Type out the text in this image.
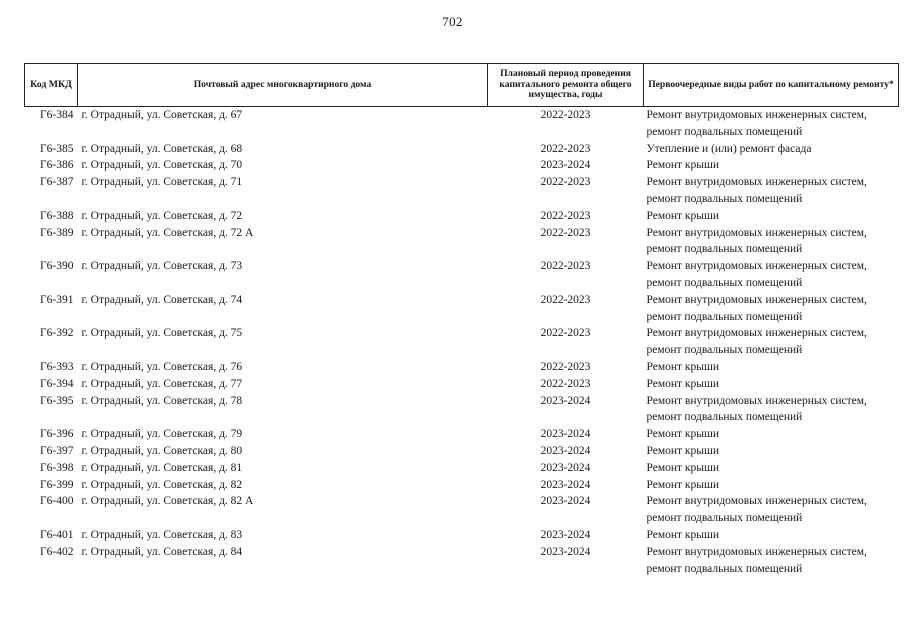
702
Код МКД	Почтовый адрес многоквартирного дома	Плановый период проведения капитального ремонта общего имущества, годы	Первоочередные виды работ по капитальному ремонту*
Г6-384	г. Отрадный, ул. Советская, д. 67	2022-2023	Ремонт внутридомовых инженерных систем,
ремонт подвальных помещений

Г6-385	г. Отрадный, ул. Советская, д. 68	2022-2023	Утепление и (или) ремонт фасада

Г6-386	г. Отрадный, ул. Советская, д. 70	2023-2024	Ремонт крыши

Г6-387	г. Отрадный, ул. Советская, д. 71	2022-2023	Ремонт внутридомовых инженерных систем,
ремонт подвальных помещений

Г6-388	г. Отрадный, ул. Советская, д. 72	2022-2023	Ремонт крыши

Г6-389	г. Отрадный, ул. Советская, д. 72 А	2022-2023	Ремонт внутридомовых инженерных систем,
ремонт подвальных помещений

Г6-390	г. Отрадный, ул. Советская, д. 73	2022-2023	Ремонт внутридомовых инженерных систем,
ремонт подвальных помещений

Г6-391	г. Отрадный, ул. Советская, д. 74	2022-2023	Ремонт внутридомовых инженерных систем,
ремонт подвальных помещений

Г6-392	г. Отрадный, ул. Советская, д. 75	2022-2023	Ремонт внутридомовых инженерных систем,
ремонт подвальных помещений

Г6-393	г. Отрадный, ул. Советская, д. 76	2022-2023	Ремонт крыши

Г6-394	г. Отрадный, ул. Советская, д. 77	2022-2023	Ремонт крыши

Г6-395	г. Отрадный, ул. Советская, д. 78	2023-2024	Ремонт внутридомовых инженерных систем,
ремонт подвальных помещений

Г6-396	г. Отрадный, ул. Советская, д. 79	2023-2024	Ремонт крыши

Г6-397	г. Отрадный, ул. Советская, д. 80	2023-2024	Ремонт крыши

Г6-398	г. Отрадный, ул. Советская, д. 81	2023-2024	Ремонт крыши

Г6-399	г. Отрадный, ул. Советская, д. 82	2023-2024	Ремонт крыши

Г6-400	г. Отрадный, ул. Советская, д. 82 А	2023-2024	Ремонт внутридомовых инженерных систем,
ремонт подвальных помещений

Г6-401	г. Отрадный, ул. Советская, д. 83	2023-2024	Ремонт крыши

Г6-402	г. Отрадный, ул. Советская, д. 84	2023-2024	Ремонт внутридомовых инженерных систем,
ремонт подвальных помещений
